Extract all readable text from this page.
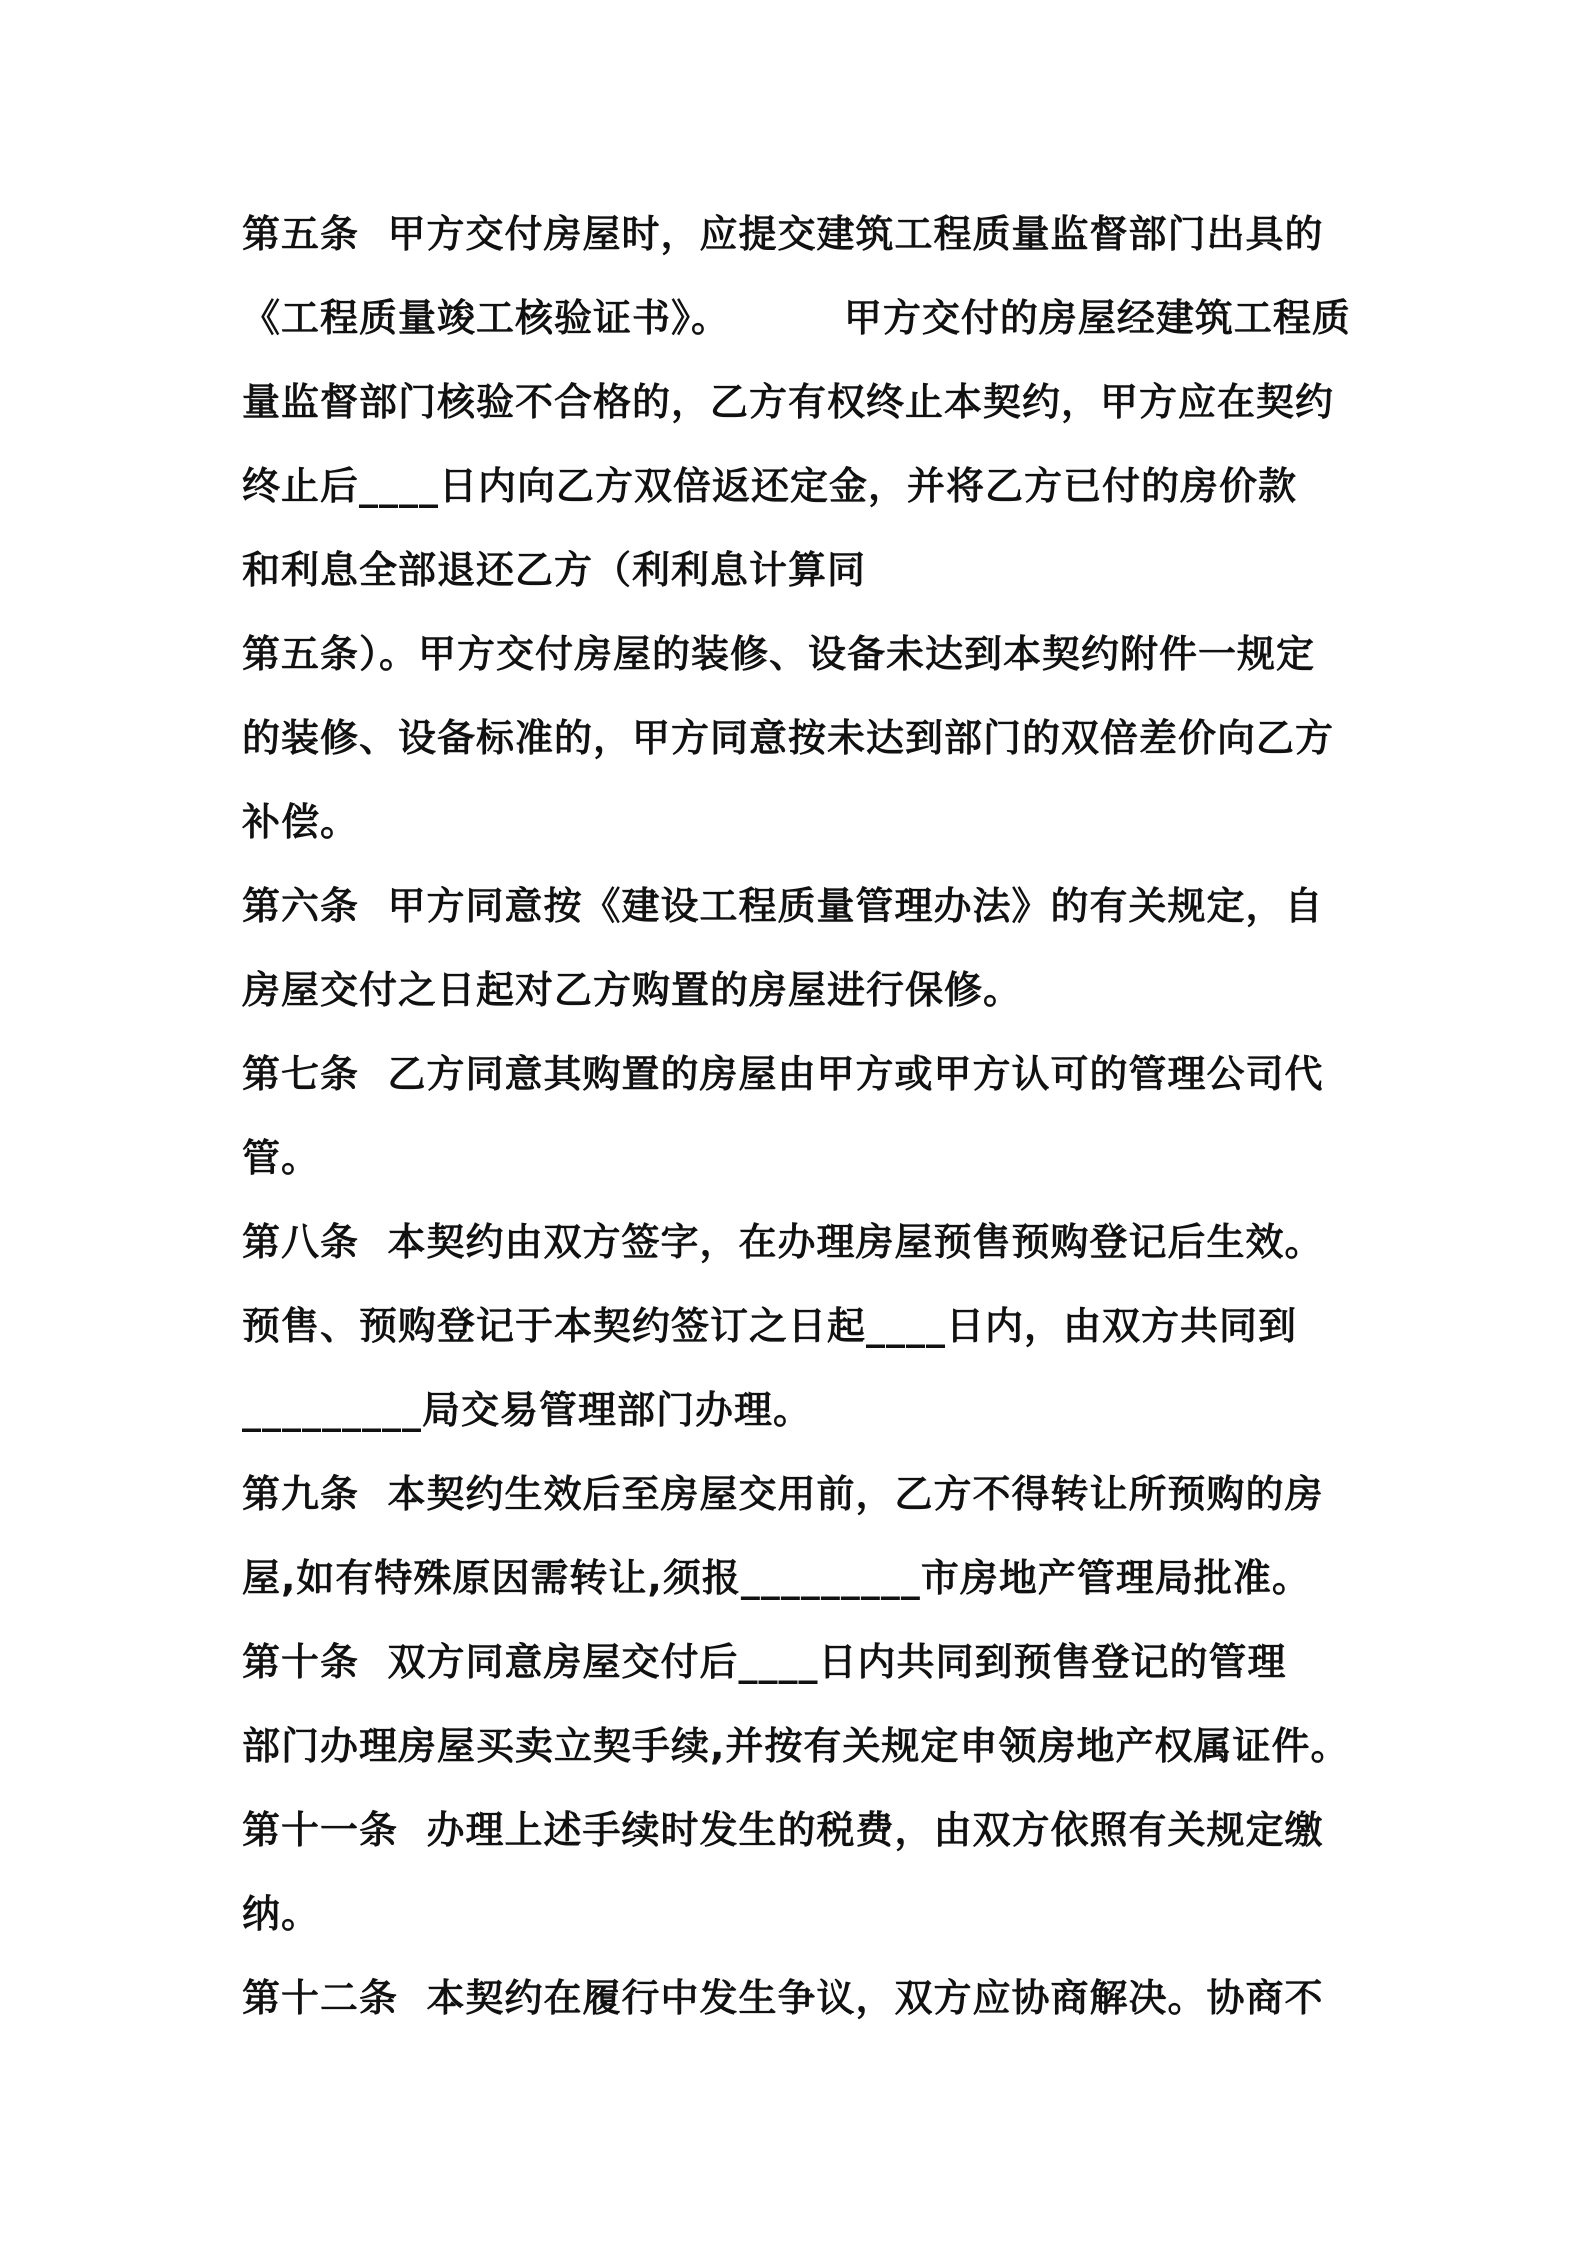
第五条  甲方交付房屋时，应提交建筑工程质量监督部门出具的
《工程质量竣工核验证书》。        甲方交付的房屋经建筑工程质
量监督部门核验不合格的，乙方有权终止本契约，甲方应在契约
终止后____日内向乙方双倍返还定金，并将乙方已付的房价款
和利息全部退还乙方（利利息计算同
第五条）。甲方交付房屋的装修、设备未达到本契约附件一规定
的装修、设备标准的，甲方同意按未达到部门的双倍差价向乙方
补偿。
第六条  甲方同意按《建设工程质量管理办法》的有关规定，自
房屋交付之日起对乙方购置的房屋进行保修。
第七条  乙方同意其购置的房屋由甲方或甲方认可的管理公司代
管。
第八条  本契约由双方签字，在办理房屋预售预购登记后生效。
预售、预购登记于本契约签订之日起____日内，由双方共同到
_________局交易管理部门办理。
第九条  本契约生效后至房屋交用前，乙方不得转让所预购的房
屋,如有特殊原因需转让,须报_________市房地产管理局批准。
第十条  双方同意房屋交付后____日内共同到预售登记的管理
部门办理房屋买卖立契手续,并按有关规定申领房地产权属证件。
第十一条  办理上述手续时发生的税费，由双方依照有关规定缴
纳。
第十二条  本契约在履行中发生争议，双方应协商解决。协商不
